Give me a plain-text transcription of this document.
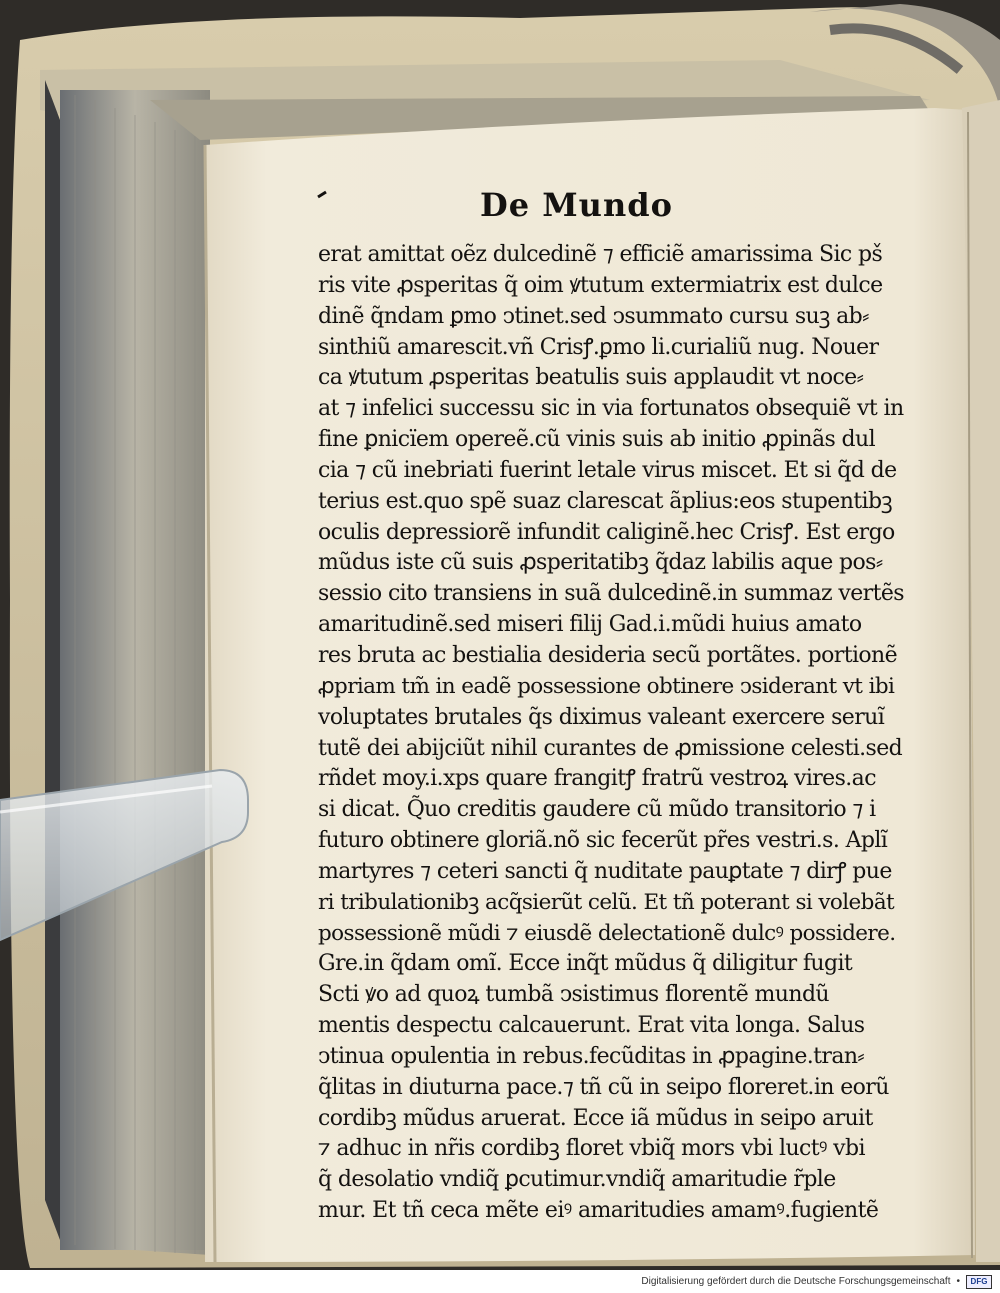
De Mundo
erat amittat oẽz dulcedinẽ ⁊ efficiẽ amarissima Sic pš
ris vite ꝓsperitas q̃ oim ꝟtutum extermiatrix est dulce
dinẽ q̃ndam ꝑmo ↄtinet.sed ↄsummato cursu suꝫ ab⸗
sinthiũ amarescit.vñ Crisꝭ.ꝑmo li.curialiũ nug. Nouer
ca ꝟtutum ꝓsperitas beatulis suis applaudit vt noce⸗
at ⁊ infelici successu sic in via fortunatos obsequiẽ vt in
fine ꝑnicïem opereẽ.cũ vinis suis ab initio ꝓpinãs dul
cia ⁊ cũ inebriati fuerint letale virus miscet. Et si q̃d de
terius est.quo spẽ suaz clarescat ãplius:eos stupentibꝫ
oculis depressiorẽ infundit caliginẽ.hec Crisꝭ. Est ergo
mũdus iste cũ suis ꝓsperitatibꝫ q̃daz labilis aque pos⸗
sessio cito transiens in suã dulcedinẽ.in summaz vertẽs
amaritudinẽ.sed miseri filij Gad.i.mũdi huius amato
res bruta ac bestialia desideria secũ portãtes. portionẽ
ꝓpriam tm̃ in eadẽ possessione obtinere ↄsiderant vt ibi
voluptates brutales q̃s diximus valeant exercere seruĩ
tutẽ dei abijciũt nihil curantes de ꝓmissione celesti.sed
rñdet moy.i.xps quare frangitꝭ fratrũ vestroꝝ vires.ac
si dicat. Q̃uo creditis gaudere cũ mũdo transitorio ⁊ i
futuro obtinere gloriã.nõ sic fecerũt pr̃es vestri.s. Aplĩ
martyres ⁊ ceteri sancti q̃ nuditate pauꝑtate ⁊ dirꝭ pue
ri tribulationibꝫ acq̃sierũt celũ. Et tñ poterant si volebãt
possessionẽ mũdi ⁊ eiusdẽ delectationẽ dulcꝰ possidere.
Gre.in q̃dam omĩ. Ecce inq̃t mũdus q̃ diligitur fugit
Scti ꝟo ad quoꝝ tumbã ↄsistimus florentẽ mundũ
mentis despectu calcauerunt. Erat vita longa. Salus
ↄtinua opulentia in rebus.fecũditas in ꝓpagine.tran⸗
q̃litas in diuturna pace.⁊ tñ cũ in seipo floreret.in eorũ
cordibꝫ mũdus aruerat. Ecce iã mũdus in seipo aruit
⁊ adhuc in nr̃is cordibꝫ floret vbiq̃ mors vbi luctꝰ vbi
q̃ desolatio vndiq̃ ꝑcutimur.vndiq̃ amaritudie r̃ple
mur. Et tñ ceca mẽte eiꝰ amaritudies amamꝰ.fugientẽ
Digitalisierung gefördert durch die Deutsche Forschungsgemeinschaft •	DFG
